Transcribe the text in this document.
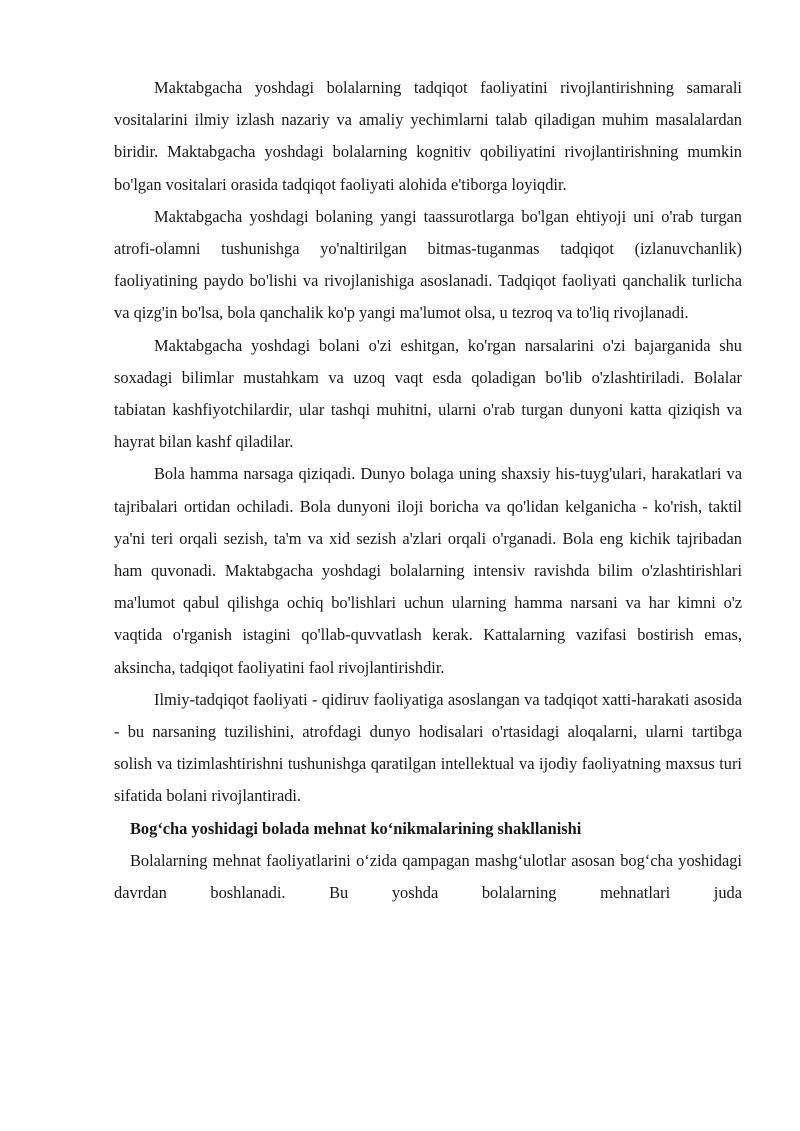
Maktabgacha yoshdagi bolalarning tadqiqot faoliyatini rivojlantirishning samarali vositalarini ilmiy izlash nazariy va amaliy yechimlarni talab qiladigan muhim masalalardan biridir. Maktabgacha yoshdagi bolalarning kognitiv qobiliyatini rivojlantirishning mumkin bo'lgan vositalari orasida tadqiqot faoliyati alohida e'tiborga loyiqdir.

Maktabgacha yoshdagi bolaning yangi taassurotlarga bo'lgan ehtiyoji uni o'rab turgan atrofi-olamni tushunishga yo'naltirilgan bitmas-tuganmas tadqiqot (izlanuvchanlik) faoliyatining paydo bo'lishi va rivojlanishiga asoslanadi. Tadqiqot faoliyati qanchalik turlicha va qizg'in bo'lsa, bola qanchalik ko'p yangi ma'lumot olsa, u tezroq va to'liq rivojlanadi.

Maktabgacha yoshdagi bolani o'zi eshitgan, ko'rgan narsalarini o'zi bajarganida shu soxadagi bilimlar mustahkam va uzoq vaqt esda qoladigan bo'lib o'zlashtiriladi. Bolalar tabiatan kashfiyotchilardir, ular tashqi muhitni, ularni o'rab turgan dunyoni katta qiziqish va hayrat bilan kashf qiladilar.

Bola hamma narsaga qiziqadi. Dunyo bolaga uning shaxsiy his-tuyg'ulari, harakatlari va tajribalari ortidan ochiladi. Bola dunyoni iloji boricha va qo'lidan kelganicha - ko'rish, taktil ya'ni teri orqali sezish, ta'm va xid sezish a'zlari orqali o'rganadi. Bola eng kichik tajribadan ham quvonadi. Maktabgacha yoshdagi bolalarning intensiv ravishda bilim o'zlashtirishlari ma'lumot qabul qilishga ochiq bo'lishlari uchun ularning hamma narsani va har kimni o'z vaqtida o'rganish istagini qo'llab-quvvatlash kerak. Kattalarning vazifasi bostirish emas, aksincha, tadqiqot faoliyatini faol rivojlantirishdir.

Ilmiy-tadqiqot faoliyati - qidiruv faoliyatiga asoslangan va tadqiqot xatti-harakati asosida - bu narsaning tuzilishini, atrofdagi dunyo hodisalari o'rtasidagi aloqalarni, ularni tartibga solish va tizimlashtirishni tushunishga qaratilgan intellektual va ijodiy faoliyatning maxsus turi sifatida bolani rivojlantiradi.

Bog‘cha yoshidagi bolada mehnat ko‘nikmalarining shakllanishi

Bolalarning mehnat faoliyatlarini o‘zida qampagan mashg‘ulotlar asosan bog‘cha yoshidagi davrdan boshlanadi. Bu yoshda bolalarning mehnatlari juda
